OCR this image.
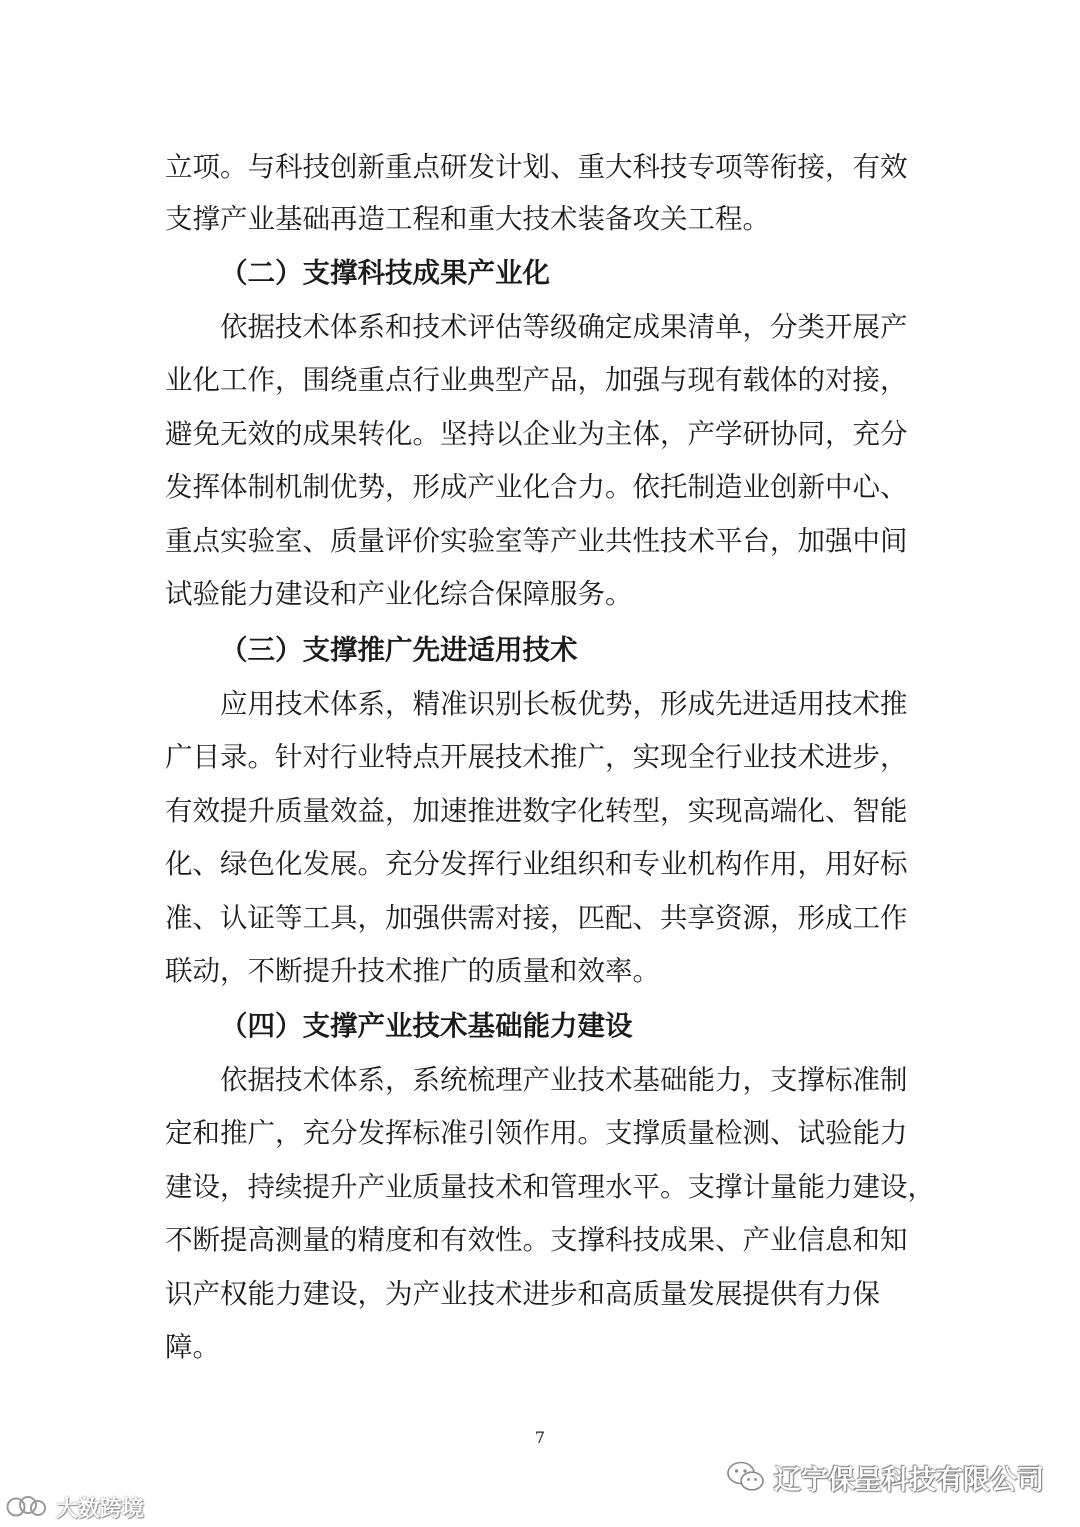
立项。与科技创新重点研发计划、重大科技专项等衔接，有效
支撑产业基础再造工程和重大技术装备攻关工程。
（二）支撑科技成果产业化
依据技术体系和技术评估等级确定成果清单，分类开展产
业化工作，围绕重点行业典型产品，加强与现有载体的对接，
避免无效的成果转化。坚持以企业为主体，产学研协同，充分
发挥体制机制优势，形成产业化合力。依托制造业创新中心、
重点实验室、质量评价实验室等产业共性技术平台，加强中间
试验能力建设和产业化综合保障服务。
（三）支撑推广先进适用技术
应用技术体系，精准识别长板优势，形成先进适用技术推
广目录。针对行业特点开展技术推广，实现全行业技术进步，
有效提升质量效益，加速推进数字化转型，实现高端化、智能
化、绿色化发展。充分发挥行业组织和专业机构作用，用好标
准、认证等工具，加强供需对接，匹配、共享资源，形成工作
联动，不断提升技术推广的质量和效率。
（四）支撑产业技术基础能力建设
依据技术体系，系统梳理产业技术基础能力，支撑标准制
定和推广，充分发挥标准引领作用。支撑质量检测、试验能力
建设，持续提升产业质量技术和管理水平。支撑计量能力建设，
不断提高测量的精度和有效性。支撑科技成果、产业信息和知
识产权能力建设，为产业技术进步和高质量发展提供有力保
障。
7
辽宁保呈科技有限公司
大数跨境
